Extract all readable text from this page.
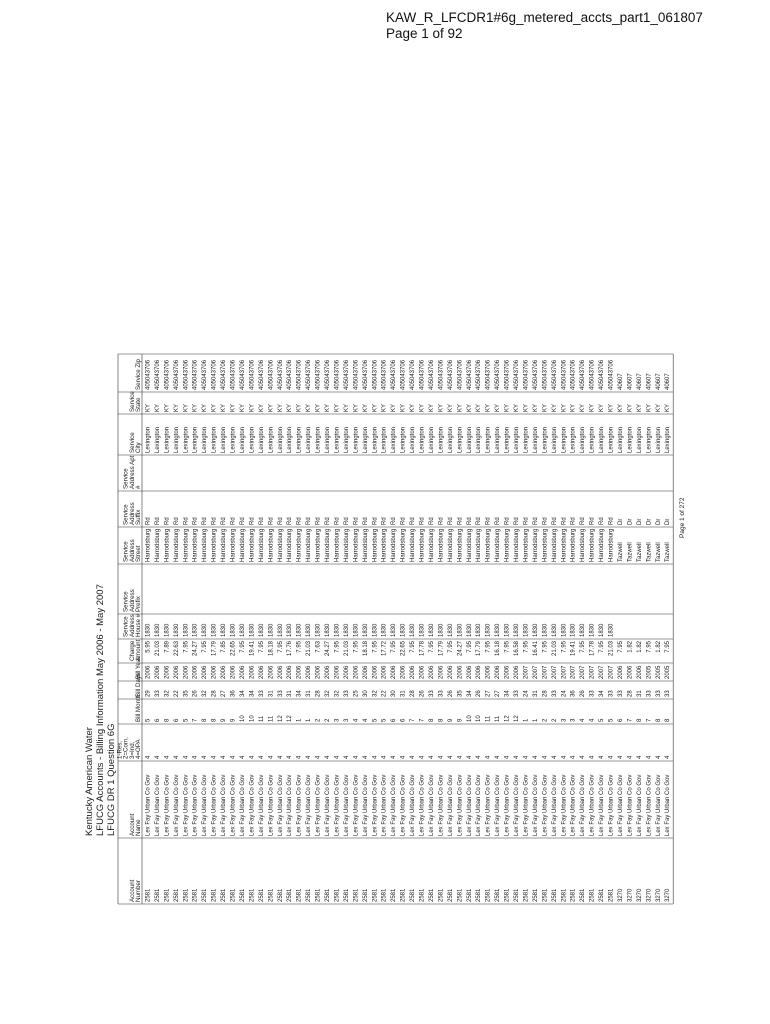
KAW_R_LFCDR1#6g_metered_accts_part1_061807
Page 1 of 92
Kentucky American Water LFUCG Accounts - Billing Information May 2006 - May 2007 LFUCG DR 1 Question 6G
Account Number
Account Name
1-Res, 2=Com, 3=Ind, 4=OPA
Bill Month
Bill Days
Bill Year
Charge Amount
Service Address House #
Service Address Prefix
Service Address Street
Service Address Suffix
Service Address Apt #
Service City
Service State
Service Zip
2581
Lex Fay Urban Co Gov
4
5
29
2006
5.95
1830
Harrodsburg
Rd
Lexington
KY
405043706
2581
Lex Fay Urban Co Gov
4
6
33
2006
21.03
1830
Harrodsburg
Rd
Lexington
KY
405043706
2581
Lex Fay Urban Co Gov
4
8
32
2006
7.89
1830
Harrodsburg
Rd
Lexington
KY
405043706
2581
Lex Fay Urban Co Gov
4
6
22
2006
22.63
1830
Harrodsburg
Rd
Lexington
KY
405043706
2581
Lex Fay Urban Co Gov
4
5
35
2006
7.95
1830
Harrodsburg
Rd
Lexington
KY
405043706
2581
Lex Fay Urban Co Gov
4
7
26
2006
24.27
1830
Harrodsburg
Rd
Lexington
KY
405043706
2581
Lex Fay Urban Co Gov
4
8
32
2006
7.95
1830
Harrodsburg
Rd
Lexington
KY
405043706
2581
Lex Fay Urban Co Gov
4
8
28
2006
17.79
1830
Harrodsburg
Rd
Lexington
KY
405043706
2581
Lex Fay Urban Co Gov
4
9
27
2006
7.85
1830
Harrodsburg
Rd
Lexington
KY
405043706
2581
Lex Fay Urban Co Gov
4
9
36
2006
22.65
1830
Harrodsburg
Rd
Lexington
KY
405043706
2581
Lex Fay Urban Co Gov
4
10
34
2006
7.95
1830
Harrodsburg
Rd
Lexington
KY
405043706
2581
Lex Fay Urban Co Gov
4
10
34
2006
19.41
1830
Harrodsburg
Rd
Lexington
KY
405043706
2581
Lex Fay Urban Co Gov
4
11
33
2006
7.95
1830
Harrodsburg
Rd
Lexington
KY
405043706
2581
Lex Fay Urban Co Gov
4
11
31
2006
18.18
1830
Harrodsburg
Rd
Lexington
KY
405043706
2581
Lex Fay Urban Co Gov
4
12
33
2006
7.95
1830
Harrodsburg
Rd
Lexington
KY
405043706
2581
Lex Fay Urban Co Gov
4
12
31
2006
17.76
1830
Harrodsburg
Rd
Lexington
KY
405043706
2581
Lex Fay Urban Co Gov
4
1
34
2006
7.95
1830
Harrodsburg
Rd
Lexington
KY
405043706
2581
Lex Fay Urban Co Gov
4
1
31
2006
21.03
1830
Harrodsburg
Rd
Lexington
KY
405043706
2581
Lex Fay Urban Co Gov
4
2
28
2006
7.63
1830
Harrodsburg
Rd
Lexington
KY
405043706
2581
Lex Fay Urban Co Gov
4
2
32
2006
24.27
1830
Harrodsburg
Rd
Lexington
KY
405043706
2581
Lex Fay Urban Co Gov
4
3
32
2006
7.95
1830
Harrodsburg
Rd
Lexington
KY
405043706
2581
Lex Fay Urban Co Gov
4
3
33
2006
21.03
1830
Harrodsburg
Rd
Lexington
KY
405043706
2581
Lex Fay Urban Co Gov
4
4
25
2006
7.95
1830
Harrodsburg
Rd
Lexington
KY
405043706
2581
Lex Fay Urban Co Gov
4
4
30
2006
18.18
1830
Harrodsburg
Rd
Lexington
KY
405043706
2581
Lex Fay Urban Co Gov
4
5
32
2006
7.95
1830
Harrodsburg
Rd
Lexington
KY
405043706
2581
Lex Fay Urban Co Gov
4
5
22
2006
17.72
1830
Harrodsburg
Rd
Lexington
KY
405043706
2581
Lex Fay Urban Co Gov
4
6
30
2006
7.95
1830
Harrodsburg
Rd
Lexington
KY
405043706
2581
Lex Fay Urban Co Gov
4
6
31
2006
22.65
1830
Harrodsburg
Rd
Lexington
KY
405043706
2581
Lex Fay Urban Co Gov
4
7
28
2006
7.95
1830
Harrodsburg
Rd
Lexington
KY
405043706
2581
Lex Fay Urban Co Gov
4
7
26
2006
17.78
1830
Harrodsburg
Rd
Lexington
KY
405043706
2581
Lex Fay Urban Co Gov
4
8
33
2006
7.95
1830
Harrodsburg
Rd
Lexington
KY
405043706
2581
Lex Fay Urban Co Gov
4
8
33
2006
17.79
1830
Harrodsburg
Rd
Lexington
KY
405043706
2581
Lex Fay Urban Co Gov
4
9
26
2006
7.95
1830
Harrodsburg
Rd
Lexington
KY
405043706
2581
Lex Fay Urban Co Gov
4
9
35
2006
24.27
1830
Harrodsburg
Rd
Lexington
KY
405043706
2581
Lex Fay Urban Co Gov
4
10
34
2006
7.95
1830
Harrodsburg
Rd
Lexington
KY
405043706
2581
Lex Fay Urban Co Gov
4
10
26
2006
17.79
1830
Harrodsburg
Rd
Lexington
KY
405043706
2581
Lex Fay Urban Co Gov
4
11
27
2006
7.95
1830
Harrodsburg
Rd
Lexington
KY
405043706
2581
Lex Fay Urban Co Gov
4
11
27
2006
16.18
1830
Harrodsburg
Rd
Lexington
KY
405043706
2581
Lex Fay Urban Co Gov
4
12
34
2006
7.95
1830
Harrodsburg
Rd
Lexington
KY
405043706
2581
Lex Fay Urban Co Gov
4
12
33
2006
16.58
1830
Harrodsburg
Rd
Lexington
KY
405043706
2581
Lex Fay Urban Co Gov
4
1
24
2007
7.95
1830
Harrodsburg
Rd
Lexington
KY
405043706
2581
Lex Fay Urban Co Gov
4
1
31
2007
16.41
1830
Harrodsburg
Rd
Lexington
KY
405043706
2581
Lex Fay Urban Co Gov
4
2
28
2007
7.95
1830
Harrodsburg
Rd
Lexington
KY
405043706
2581
Lex Fay Urban Co Gov
4
2
33
2007
21.03
1830
Harrodsburg
Rd
Lexington
KY
405043706
2581
Lex Fay Urban Co Gov
4
3
24
2007
7.95
1830
Harrodsburg
Rd
Lexington
KY
405043706
2581
Lex Fay Urban Co Gov
4
3
36
2007
19.41
1830
Harrodsburg
Rd
Lexington
KY
405043706
2581
Lex Fay Urban Co Gov
4
4
26
2007
7.95
1830
Harrodsburg
Rd
Lexington
KY
405043706
2581
Lex Fay Urban Co Gov
4
4
33
2007
17.78
1830
Harrodsburg
Rd
Lexington
KY
405043706
2581
Lex Fay Urban Co Gov
4
5
34
2007
7.95
1830
Harrodsburg
Rd
Lexington
KY
405043706
2581
Lex Fay Urban Co Gov
4
5
33
2007
21.03
1830
Harrodsburg
Rd
Lexington
KY
405043706
3270
Lex Fay Urban Co Gov
4
6
33
2006
7.95
Tazwell
Dr
Lexington
KY
40607
3270
Lex Fay Urban Co Gov
4
7
28
2006
1.82
Tazwell
Dr
Lexington
KY
40607
3270
Lex Fay Urban Co Gov
4
8
31
2006
1.82
Tazwell
Dr
Lexington
KY
40607
3270
Lex Fay Urban Co Gov
4
7
33
2005
7.95
Tazwell
Dr
Lexington
KY
40607
3270
Lex Fay Urban Co Gov
4
8
33
2005
1.82
Tazwell
Dr
Lexington
KY
40607
3270
Lex Fay Urban Co Gov
4
8
33
2005
7.95
Tazwell
Dr
Lexington
KY
40607
Page 1 of 272
